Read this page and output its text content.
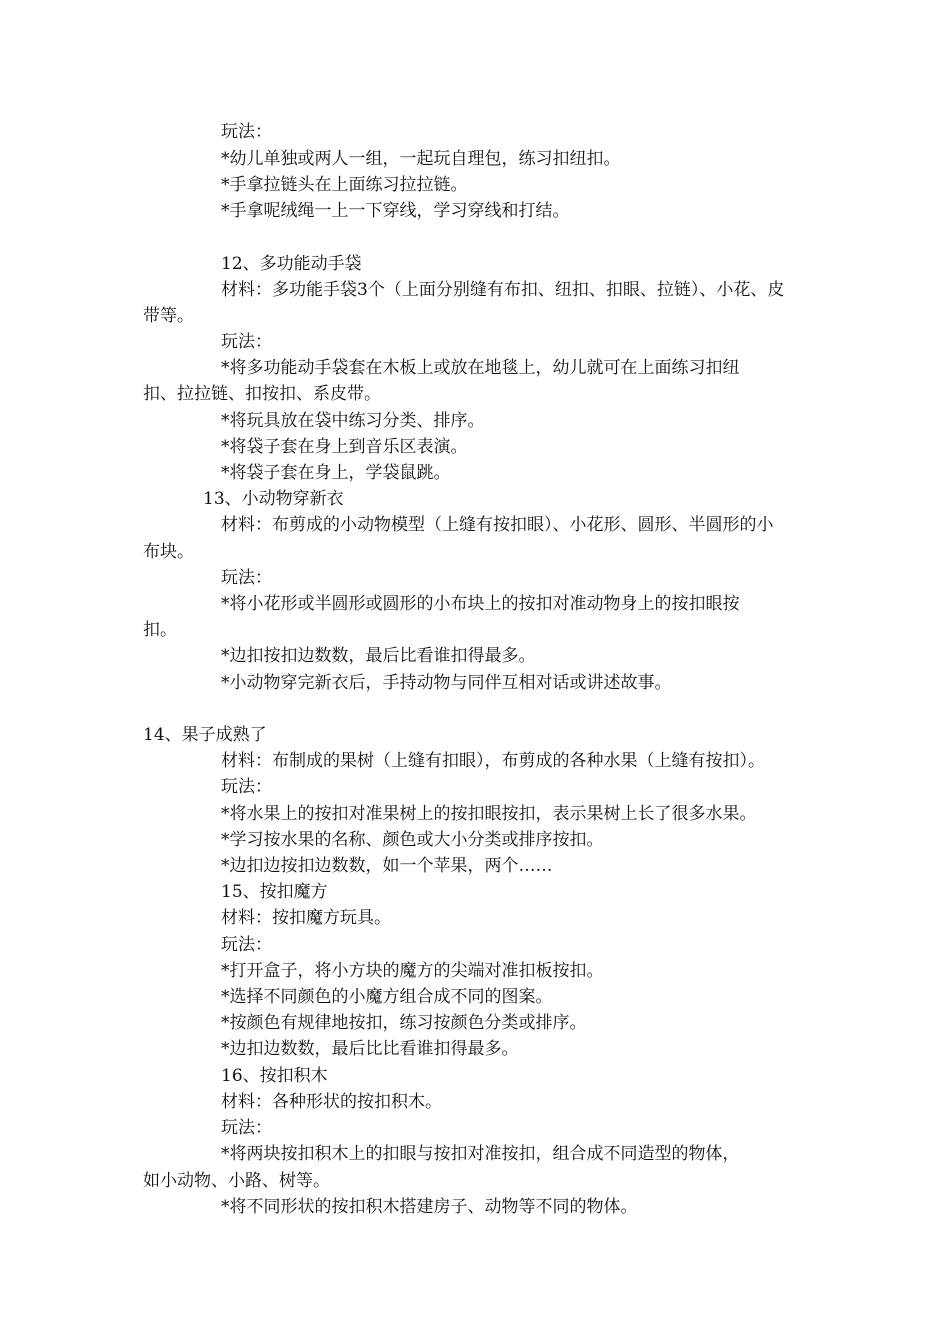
玩法：
*幼儿单独或两人一组，一起玩自理包，练习扣纽扣。
*手拿拉链头在上面练习拉拉链。
*手拿呢绒绳一上一下穿线，学习穿线和打结。
12、多功能动手袋
材料：多功能手袋3个（上面分别缝有布扣、纽扣、扣眼、拉链）、小花、皮
带等。
玩法：
*将多功能动手袋套在木板上或放在地毯上，幼儿就可在上面练习扣纽
扣、拉拉链、扣按扣、系皮带。
*将玩具放在袋中练习分类、排序。
*将袋子套在身上到音乐区表演。
*将袋子套在身上，学袋鼠跳。
13、小动物穿新衣
材料：布剪成的小动物模型（上缝有按扣眼）、小花形、圆形、半圆形的小
布块。
玩法：
*将小花形或半圆形或圆形的小布块上的按扣对准动物身上的按扣眼按
扣。
*边扣按扣边数数，最后比看谁扣得最多。
*小动物穿完新衣后，手持动物与同伴互相对话或讲述故事。
14、果子成熟了
材料：布制成的果树（上缝有扣眼），布剪成的各种水果（上缝有按扣）。
玩法：
*将水果上的按扣对准果树上的按扣眼按扣，表示果树上长了很多水果。
*学习按水果的名称、颜色或大小分类或排序按扣。
*边扣边按扣边数数，如一个苹果，两个……
15、按扣魔方
材料：按扣魔方玩具。
玩法：
*打开盒子，将小方块的魔方的尖端对准扣板按扣。
*选择不同颜色的小魔方组合成不同的图案。
*按颜色有规律地按扣，练习按颜色分类或排序。
*边扣边数数，最后比比看谁扣得最多。
16、按扣积木
材料：各种形状的按扣积木。
玩法：
*将两块按扣积木上的扣眼与按扣对准按扣，组合成不同造型的物体，
如小动物、小路、树等。
*将不同形状的按扣积木搭建房子、动物等不同的物体。
